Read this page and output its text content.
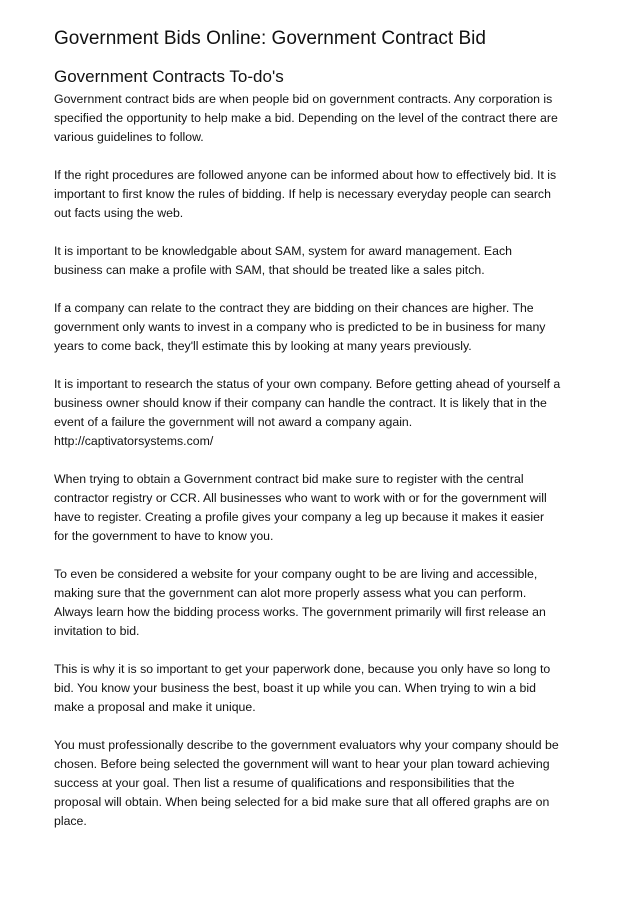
Government Bids Online: Government Contract Bid
Government Contracts To-do's

Government contract bids are when people bid on government contracts. Any corporation is
specified the opportunity to help make a bid. Depending on the level of the contract there are
various guidelines to follow.

If the right procedures are followed anyone can be informed about how to effectively bid. It is
important to first know the rules of bidding. If help is necessary everyday people can search
out facts using the web.

It is important to be knowledgable about SAM, system for award management. Each
business can make a profile with SAM, that should be treated like a sales pitch.

If a company can relate to the contract they are bidding on their chances are higher. The
government only wants to invest in a company who is predicted to be in business for many
years to come back, they'll estimate this by looking at many years previously.

It is important to research the status of your own company. Before getting ahead of yourself a
business owner should know if their company can handle the contract. It is likely that in the
event of a failure the government will not award a company again.
http://captivatorsystems.com/

When trying to obtain a Government contract bid make sure to register with the central
contractor registry or CCR. All businesses who want to work with or for the government will
have to register. Creating a profile gives your company a leg up because it makes it easier
for the government to have to know you.

To even be considered a website for your company ought to be are living and accessible,
making sure that the government can alot more properly assess what you can perform.
Always learn how the bidding process works. The government primarily will first release an
invitation to bid.

This is why it is so important to get your paperwork done, because you only have so long to
bid. You know your business the best, boast it up while you can. When trying to win a bid
make a proposal and make it unique.

You must professionally describe to the government evaluators why your company should be
chosen. Before being selected the government will want to hear your plan toward achieving
success at your goal. Then list a resume of qualifications and responsibilities that the
proposal will obtain. When being selected for a bid make sure that all offered graphs are on
place.
